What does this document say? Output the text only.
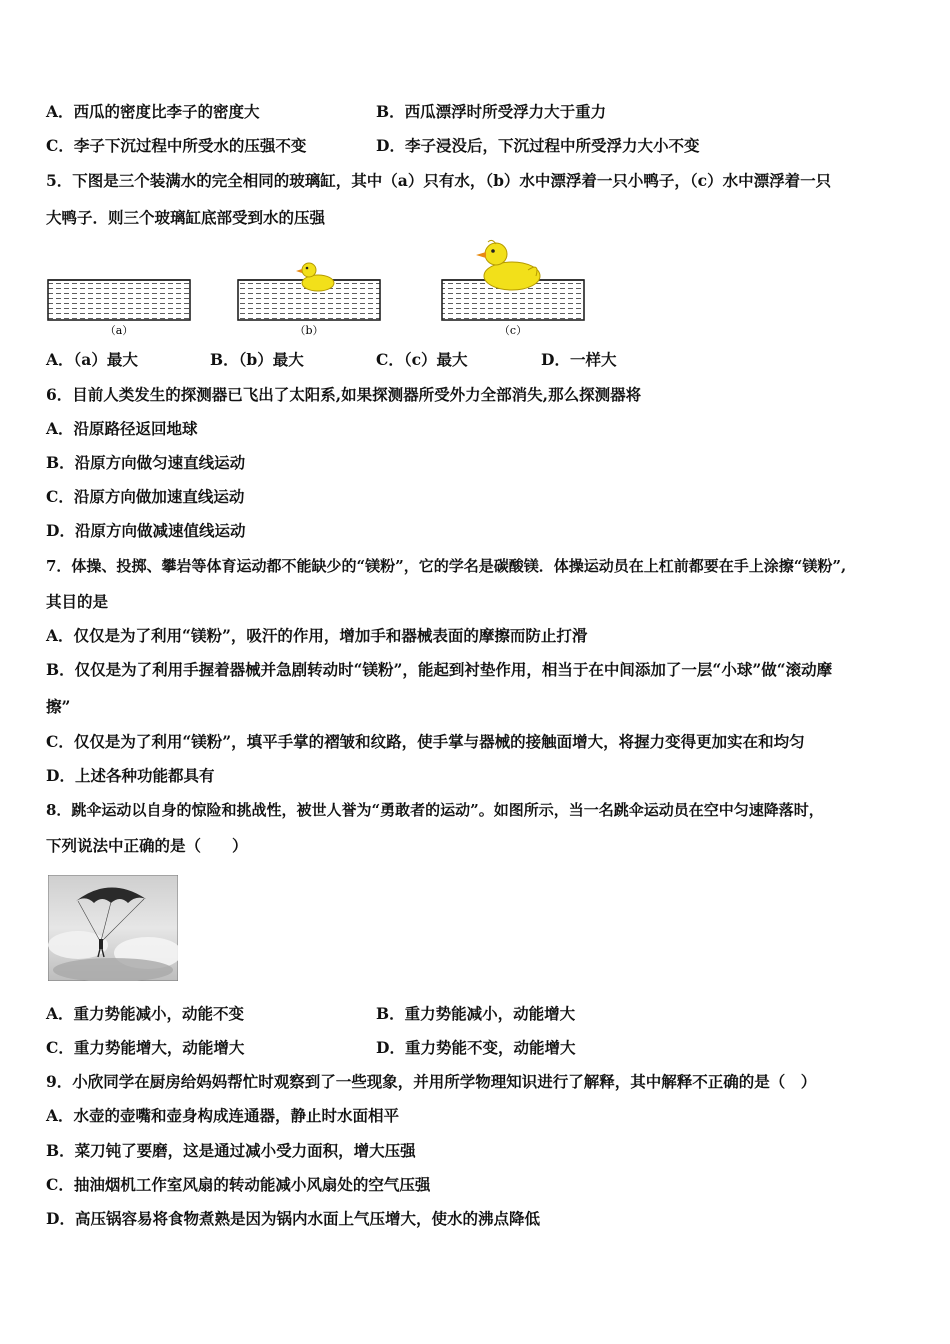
A．西瓜的密度比李子的密度大	B．西瓜漂浮时所受浮力大于重力
C．李子下沉过程中所受水的压强不变	D．李子浸没后，下沉过程中所受浮力大小不变
5．下图是三个装满水的完全相同的玻璃缸，其中（a）只有水，（b）水中漂浮着一只小鸭子，（c）水中漂浮着一只
大鸭子．则三个玻璃缸底部受到水的压强
（a）	（b）	（c）
A．（a）最大	B．（b）最大	C．（c）最大	D．一样大
6．目前人类发生的探测器已飞出了太阳系,如果探测器所受外力全部消失,那么探测器将
A．沿原路径返回地球
B．沿原方向做匀速直线运动
C．沿原方向做加速直线运动
D．沿原方向做减速值线运动
7．体操、投掷、攀岩等体育运动都不能缺少的“镁粉”，它的学名是碳酸镁．体操运动员在上杠前都要在手上涂擦“镁粉”,
其目的是
A．仅仅是为了利用“镁粉”，吸汗的作用，增加手和器械表面的摩擦而防止打滑
B．仅仅是为了利用手握着器械并急剧转动时“镁粉”，能起到衬垫作用，相当于在中间添加了一层“小球”做“滚动摩
擦”
C．仅仅是为了利用“镁粉”，填平手掌的褶皱和纹路，使手掌与器械的接触面增大，将握力变得更加实在和均匀
D．上述各种功能都具有
8．跳伞运动以自身的惊险和挑战性，被世人誉为“勇敢者的运动”。如图所示，当一名跳伞运动员在空中匀速降落时，
下列说法中正确的是（　　）
A．重力势能减小，动能不变	B．重力势能减小，动能增大
C．重力势能增大，动能增大	D．重力势能不变，动能增大
9．小欣同学在厨房给妈妈帮忙时观察到了一些现象，并用所学物理知识进行了解释，其中解释不正确的是（　）
A．水壶的壶嘴和壶身构成连通器，静止时水面相平
B．菜刀钝了要磨，这是通过减小受力面积，增大压强
C．抽油烟机工作室风扇的转动能减小风扇处的空气压强
D．高压锅容易将食物煮熟是因为锅内水面上气压增大，使水的沸点降低
